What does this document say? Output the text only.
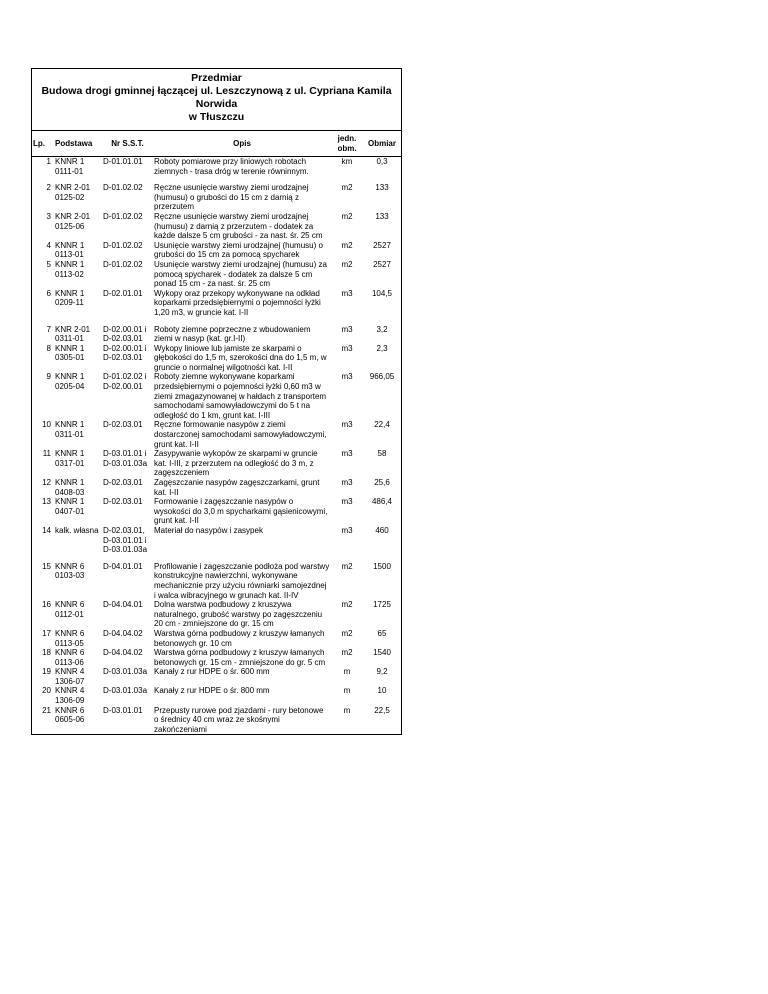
Przedmiar
Budowa drogi gminnej łączącej ul. Leszczynową z ul. Cypriana Kamila
Norwida
w Tłuszczu
Lp.	Podstawa	Nr S.S.T.	Opis	jedn. obm.	Obmiar
1	KNNR 1 0111-01	D-01.01.01	Roboty pomiarowe przy liniowych robotach ziemnych - trasa dróg w terenie równinnym.	km	0,3

2	KNR 2-01 0125-02	D-01.02.02	Ręczne usunięcie warstwy ziemi urodzajnej (humusu) o grubości do 15 cm z darnią z przerzutem	m2	133
3	KNR 2-01 0125-06	D-01.02.02	Ręczne usunięcie warstwy ziemi urodzajnej (humusu) z darnią z przerzutem - dodatek za każde dalsze 5 cm grubości - za nast. śr. 25 cm	m2	133
4	KNNR 1 0113-01	D-01.02.02	Usunięcie warstwy ziemi urodzajnej (humusu) o grubości do 15 cm za pomocą spycharek	m2	2527
5	KNNR 1 0113-02	D-01.02.02	Usunięcie warstwy ziemi urodzajnej (humusu) za pomocą spycharek - dodatek za dalsze 5 cm ponad 15 cm - za nast. śr. 25 cm	m2	2527
6	KNNR 1 0209-11	D-02.01.01	Wykopy oraz przekopy wykonywane na odkład koparkami przedsiębiernymi o pojemności łyżki 1,20 m3, w gruncie kat. I-II	m3	104,5

7	KNR 2-01 0311-01	D-02.00.01 i D-02.03.01	Roboty ziemne poprzeczne z wbudowaniem ziemi w nasyp (kat. gr.I-II)	m3	3,2
8	KNNR 1 0305-01	D-02.00.01 i D-02.03.01	Wykopy liniowe lub jamiste ze skarpami o głębokości do 1,5 m, szerokości dna do 1,5 m, w gruncie o normalnej wilgotności kat. I-II	m3	2,3
9	KNNR 1 0205-04	D-01.02.02 i D-02.00.01	Roboty ziemne wykonywane koparkami przedsiębiernymi o pojemności łyżki 0,60 m3 w ziemi zmagazynowanej w hałdach z transportem samochodami samowyładowczymi do 5 t na odległość do 1 km, grunt kat. I-III	m3	966,05
10	KNNR 1 0311-01	D-02.03.01	Ręczne formowanie nasypów z ziemi dostarczonej samochodami samowyładowczymi, grunt kat. I-II	m3	22,4
11	KNNR 1 0317-01	D-03.01.01 i D-03.01.03a	Zasypywanie wykopów ze skarpami w gruncie kat. I-III, z przerzutem na odległość do 3 m, z zagęszczeniem	m3	58
12	KNNR 1 0408-03	D-02.03.01	Zagęszczanie nasypów zagęszczarkami, grunt kat. I-II	m3	25,6
13	KNNR 1 0407-01	D-02.03.01	Formowanie i zagęszczanie nasypów o wysokości do 3,0 m spycharkami gąsienicowymi, grunt kat. I-II	m3	486,4
14	kalk. własna	D-02.03.01, D-03.01.01 i D-03.01.03a	Materiał do nasypów i zasypek	m3	460

15	KNNR 6 0103-03	D-04.01.01	Profilowanie i zagęszczanie podłoża pod warstwy konstrukcyjne nawierzchni, wykonywane mechanicznie przy użyciu równiarki samojezdnej i walca wibracyjnego w grunach kat. II-IV	m2	1500
16	KNNR 6 0112-01	D-04.04.01	Dolna warstwa podbudowy z kruszywa naturalnego, grubość warstwy po zagęszczeniu 20 cm - zmniejszone do gr. 15 cm	m2	1725
17	KNNR 6 0113-05	D-04.04.02	Warstwa górna podbudowy z kruszyw łamanych betonowych gr. 10 cm	m2	65
18	KNNR 6 0113-06	D-04.04.02	Warstwa górna podbudowy z kruszyw łamanych betonowych gr. 15 cm - zmniejszone do gr. 5 cm	m2	1540
19	KNNR 4 1306-07	D-03.01.03a	Kanały z rur HDPE o śr. 600 mm	m	9,2
20	KNNR 4 1306-09	D-03.01.03a	Kanały z rur HDPE o śr. 800 mm	m	10
21	KNNR 6 0605-06	D-03.01.01	Przepusty rurowe pod zjazdami - rury betonowe o średnicy 40 cm wraz ze skośnymi zakończeniami	m	22,5
